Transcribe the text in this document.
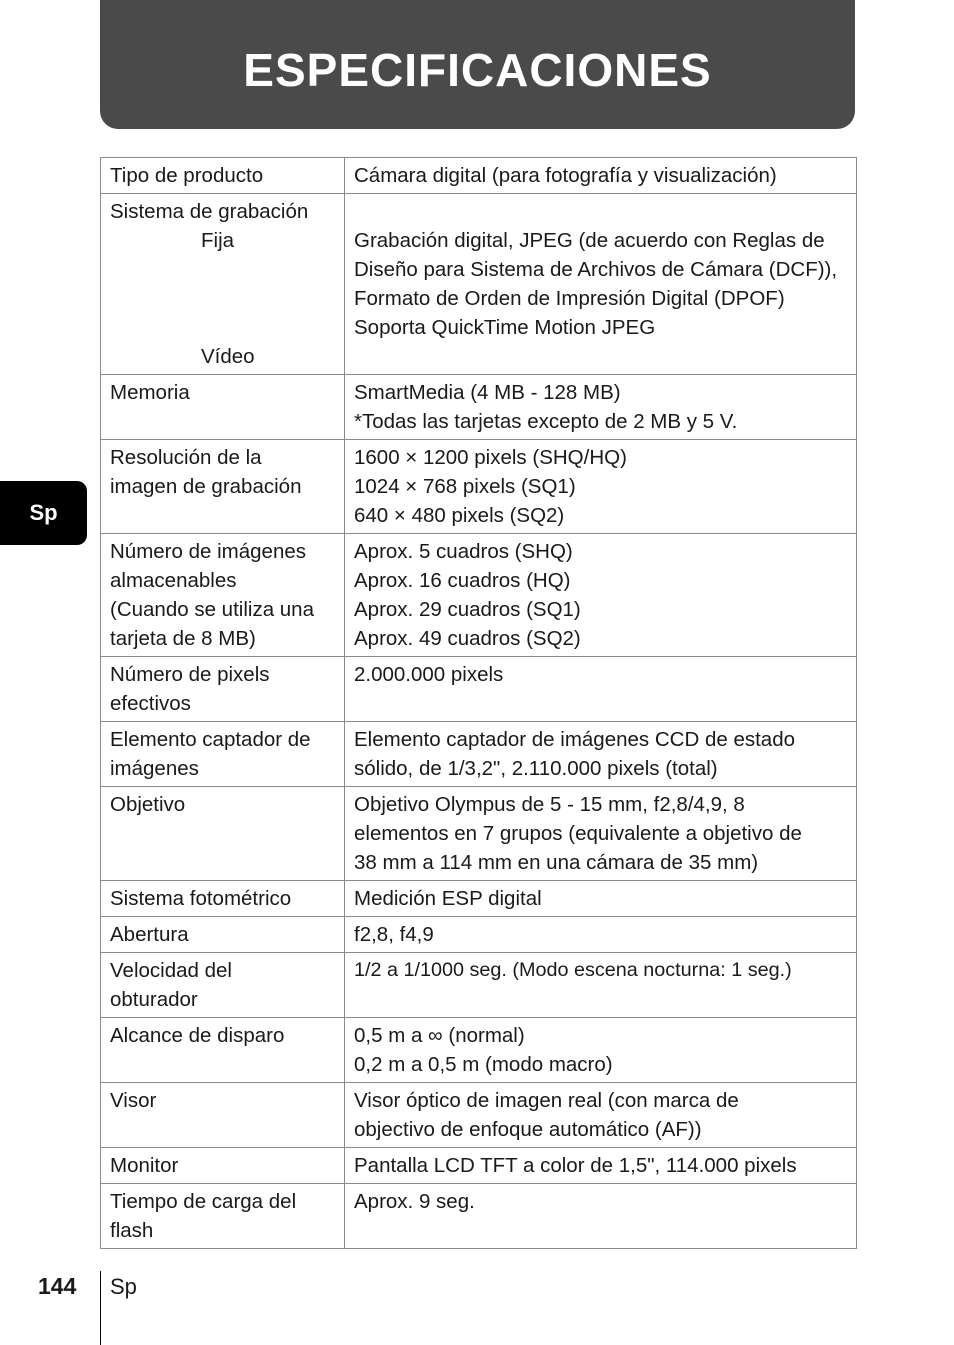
ESPECIFICACIONES
Sp
Tipo de producto	Cámara digital (para fotografía y visualización)

Sistema de grabación
Fija
Vídeo	Grabación digital, JPEG (de acuerdo con Reglas de Diseño para Sistema de Archivos de Cámara (DCF)), Formato de Orden de Impresión Digital (DPOF)
Soporta QuickTime Motion JPEG

Memoria	SmartMedia (4 MB - 128 MB)
*Todas las tarjetas excepto de 2 MB y 5 V.

Resolución de la
imagen de grabación	1600 × 1200 pixels (SHQ/HQ)
1024 × 768 pixels (SQ1)
640 × 480 pixels (SQ2)

Número de imágenes
almacenables
(Cuando se utiliza una
tarjeta de 8 MB)	Aprox. 5 cuadros (SHQ)
Aprox. 16 cuadros (HQ)
Aprox. 29 cuadros (SQ1)
Aprox. 49 cuadros (SQ2)

Número de pixels
efectivos	2.000.000 pixels

Elemento captador de
imágenes	Elemento captador de imágenes CCD de estado
sólido, de 1/3,2", 2.110.000 pixels (total)

Objetivo	Objetivo Olympus de 5 - 15 mm, f2,8/4,9, 8
elementos en 7 grupos (equivalente a objetivo de
38 mm a 114 mm en una cámara de 35 mm)

Sistema fotométrico	Medición ESP digital

Abertura	f2,8, f4,9

Velocidad del
obturador	1/2 a 1/1000 seg. (Modo escena nocturna: 1 seg.)

Alcance de disparo	0,5 m a ∞ (normal)
0,2 m a 0,5 m (modo macro)

Visor	Visor óptico de imagen real (con marca de
objectivo de enfoque automático (AF))

Monitor	Pantalla LCD TFT a color de 1,5", 114.000 pixels

Tiempo de carga del
flash	Aprox. 9 seg.
144 Sp
